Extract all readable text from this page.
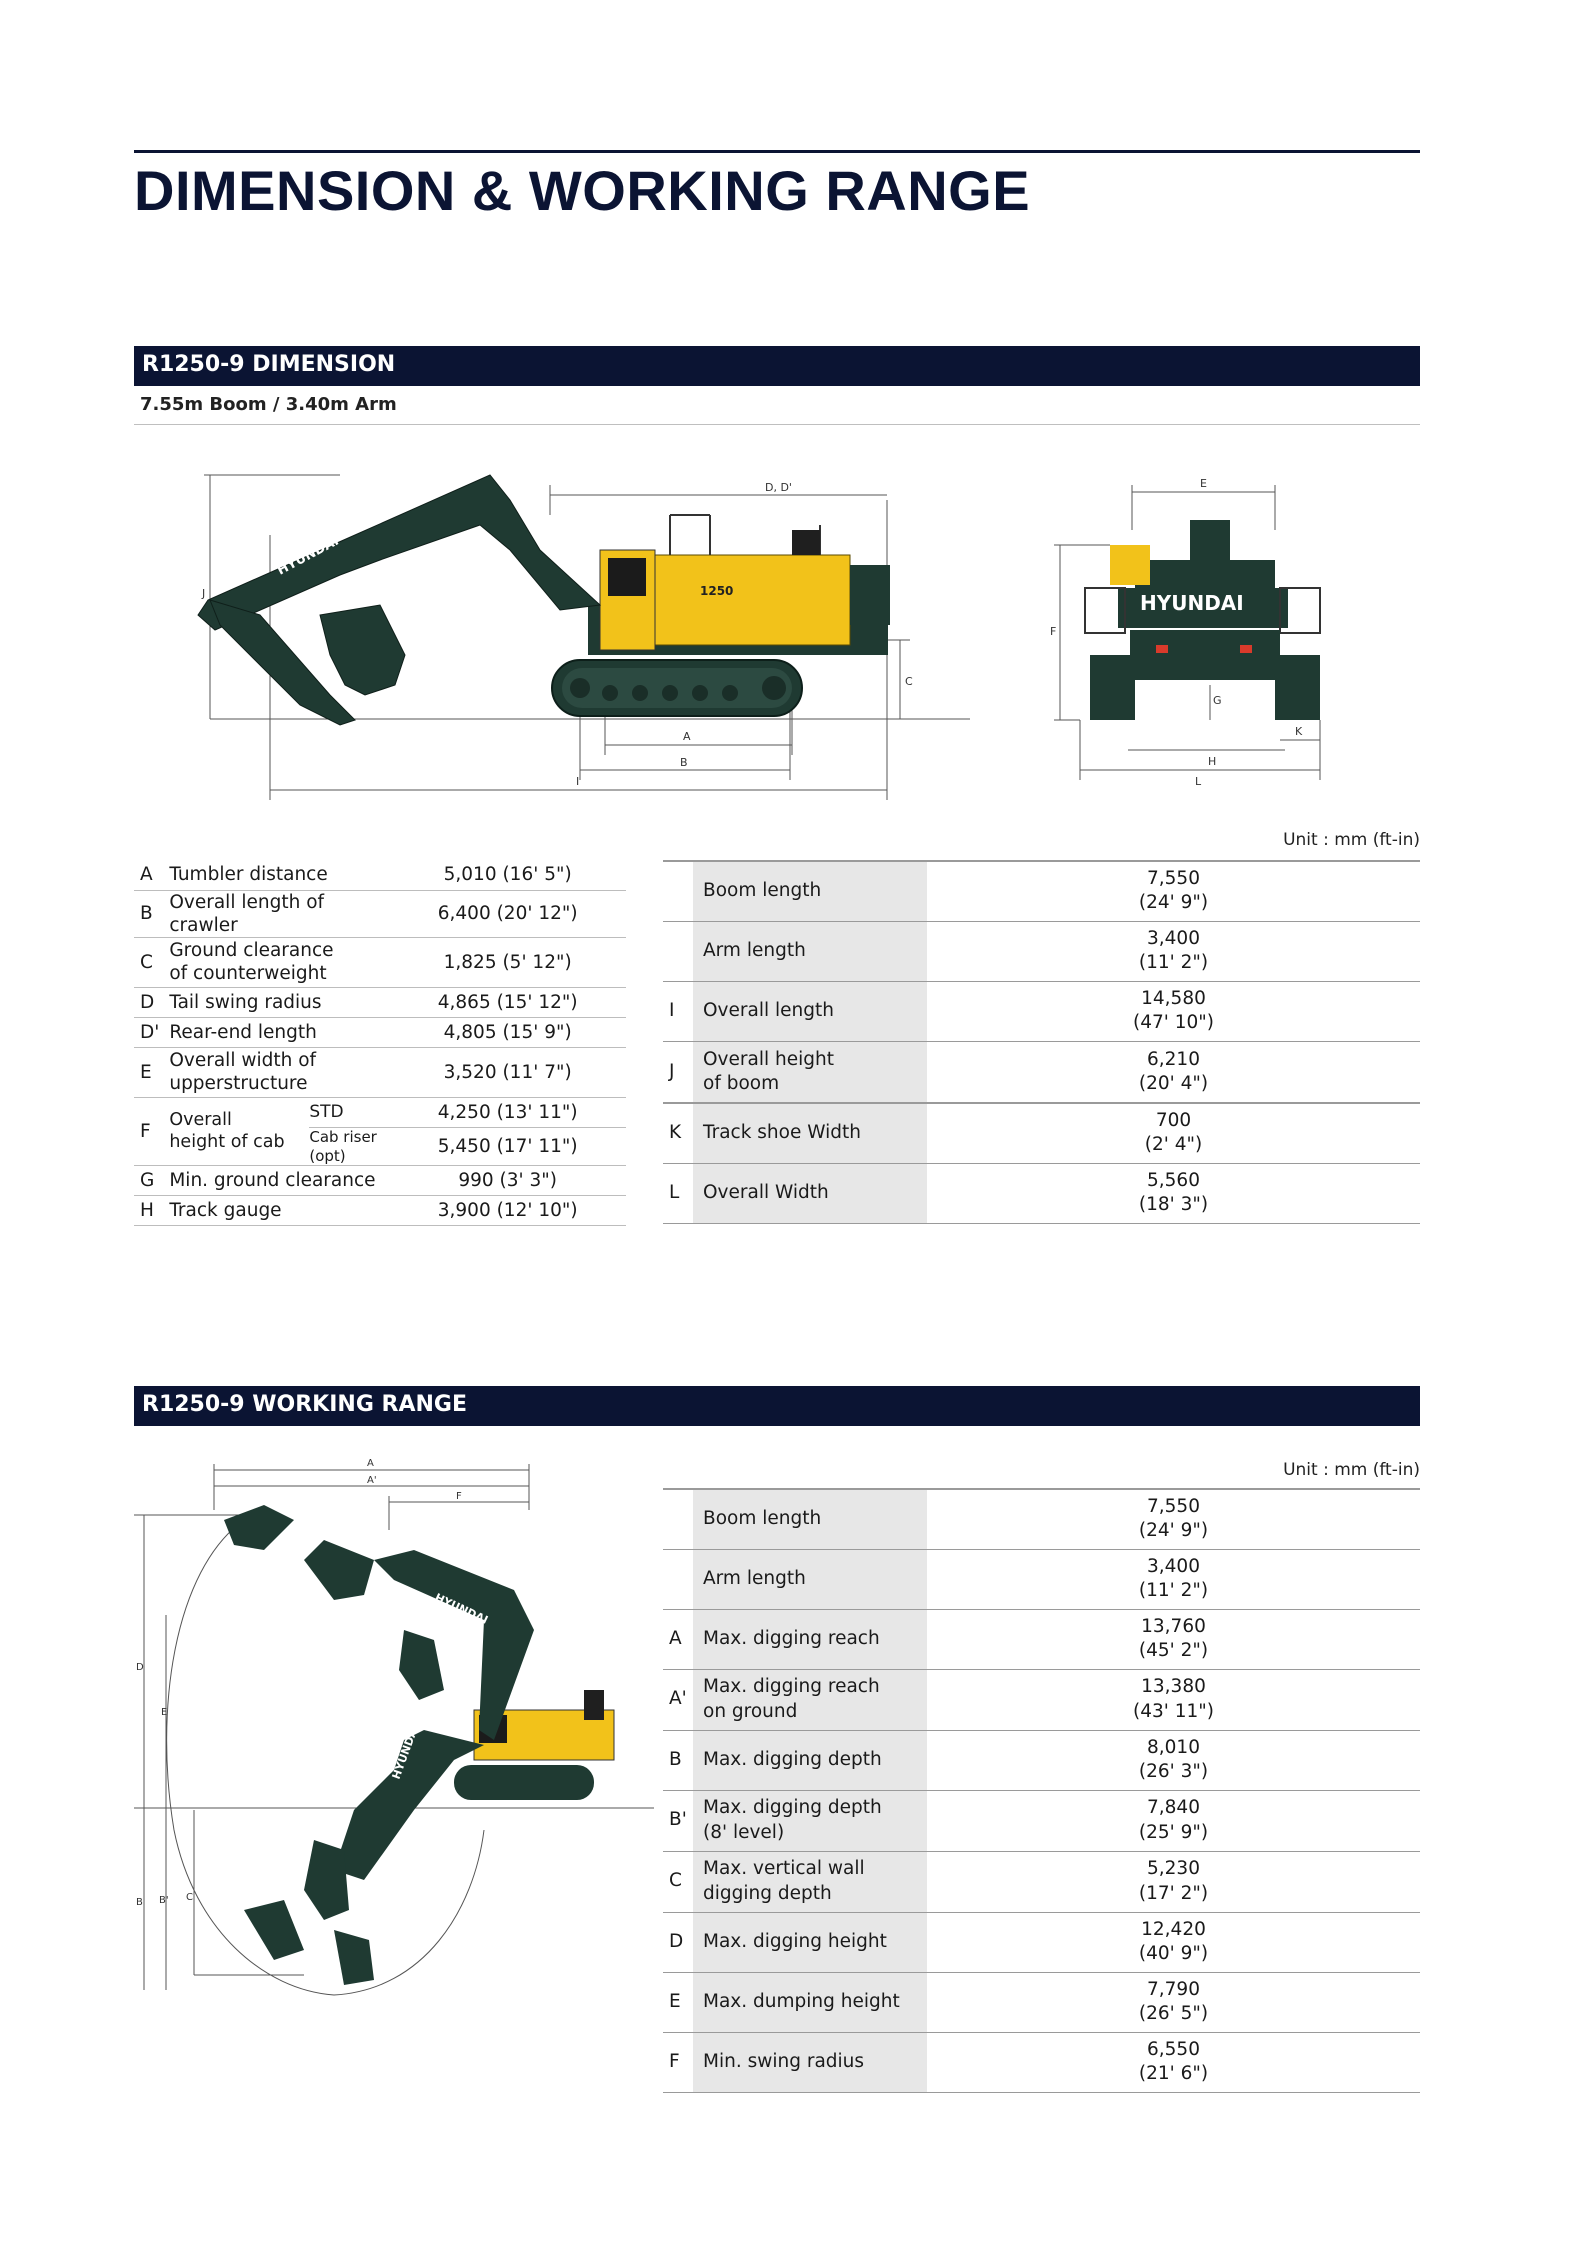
DIMENSION & WORKING RANGE
R1250-9 DIMENSION
7.55m Boom / 3.40m Arm
J
D, D'
A
B
I
C
1250
HYUNDAI
E
F
G
H
K
L
HYUNDAI
Unit : mm (ft-in)
A	Tumbler distance		5,010 (16' 5")
B	Overall length of crawler		6,400 (20' 12")
C	Ground clearance
of counterweight		1,825 (5' 12")
D	Tail swing radius		4,865 (15' 12")
D'	Rear-end length		4,805 (15' 9")
E	Overall width of
upperstructure		3,520 (11' 7")
F	Overall
height of cab	STD		4,250 (13' 11")
		Cab riser (opt)		5,450 (17' 11")
G	Min. ground clearance		990 (3' 3")
H	Track gauge		3,900 (12' 10")
	Boom length	7,550
(24' 9")
	Arm length	3,400
(11' 2")
I	Overall length	14,580
(47' 10")
J	Overall height
of boom	6,210
(20' 4")
K	Track shoe Width	700
(2' 4")
L	Overall Width	5,560
(18' 3")
R1250-9 WORKING RANGE
A
A'
F
D
E
B B' C
HYUNDAI
HYUNDAI
Unit : mm (ft-in)
	Boom length	7,550
(24' 9")
	Arm length	3,400
(11' 2")
A	Max. digging reach	13,760
(45' 2")
A'	Max. digging reach
on ground	13,380
(43' 11")
B	Max. digging depth	8,010
(26' 3")
B'	Max. digging depth
(8' level)	7,840
(25' 9")
C	Max. vertical wall
digging depth	5,230
(17' 2")
D	Max. digging height	12,420
(40' 9")
E	Max. dumping height	7,790
(26' 5")
F	Min. swing radius	6,550
(21' 6")
